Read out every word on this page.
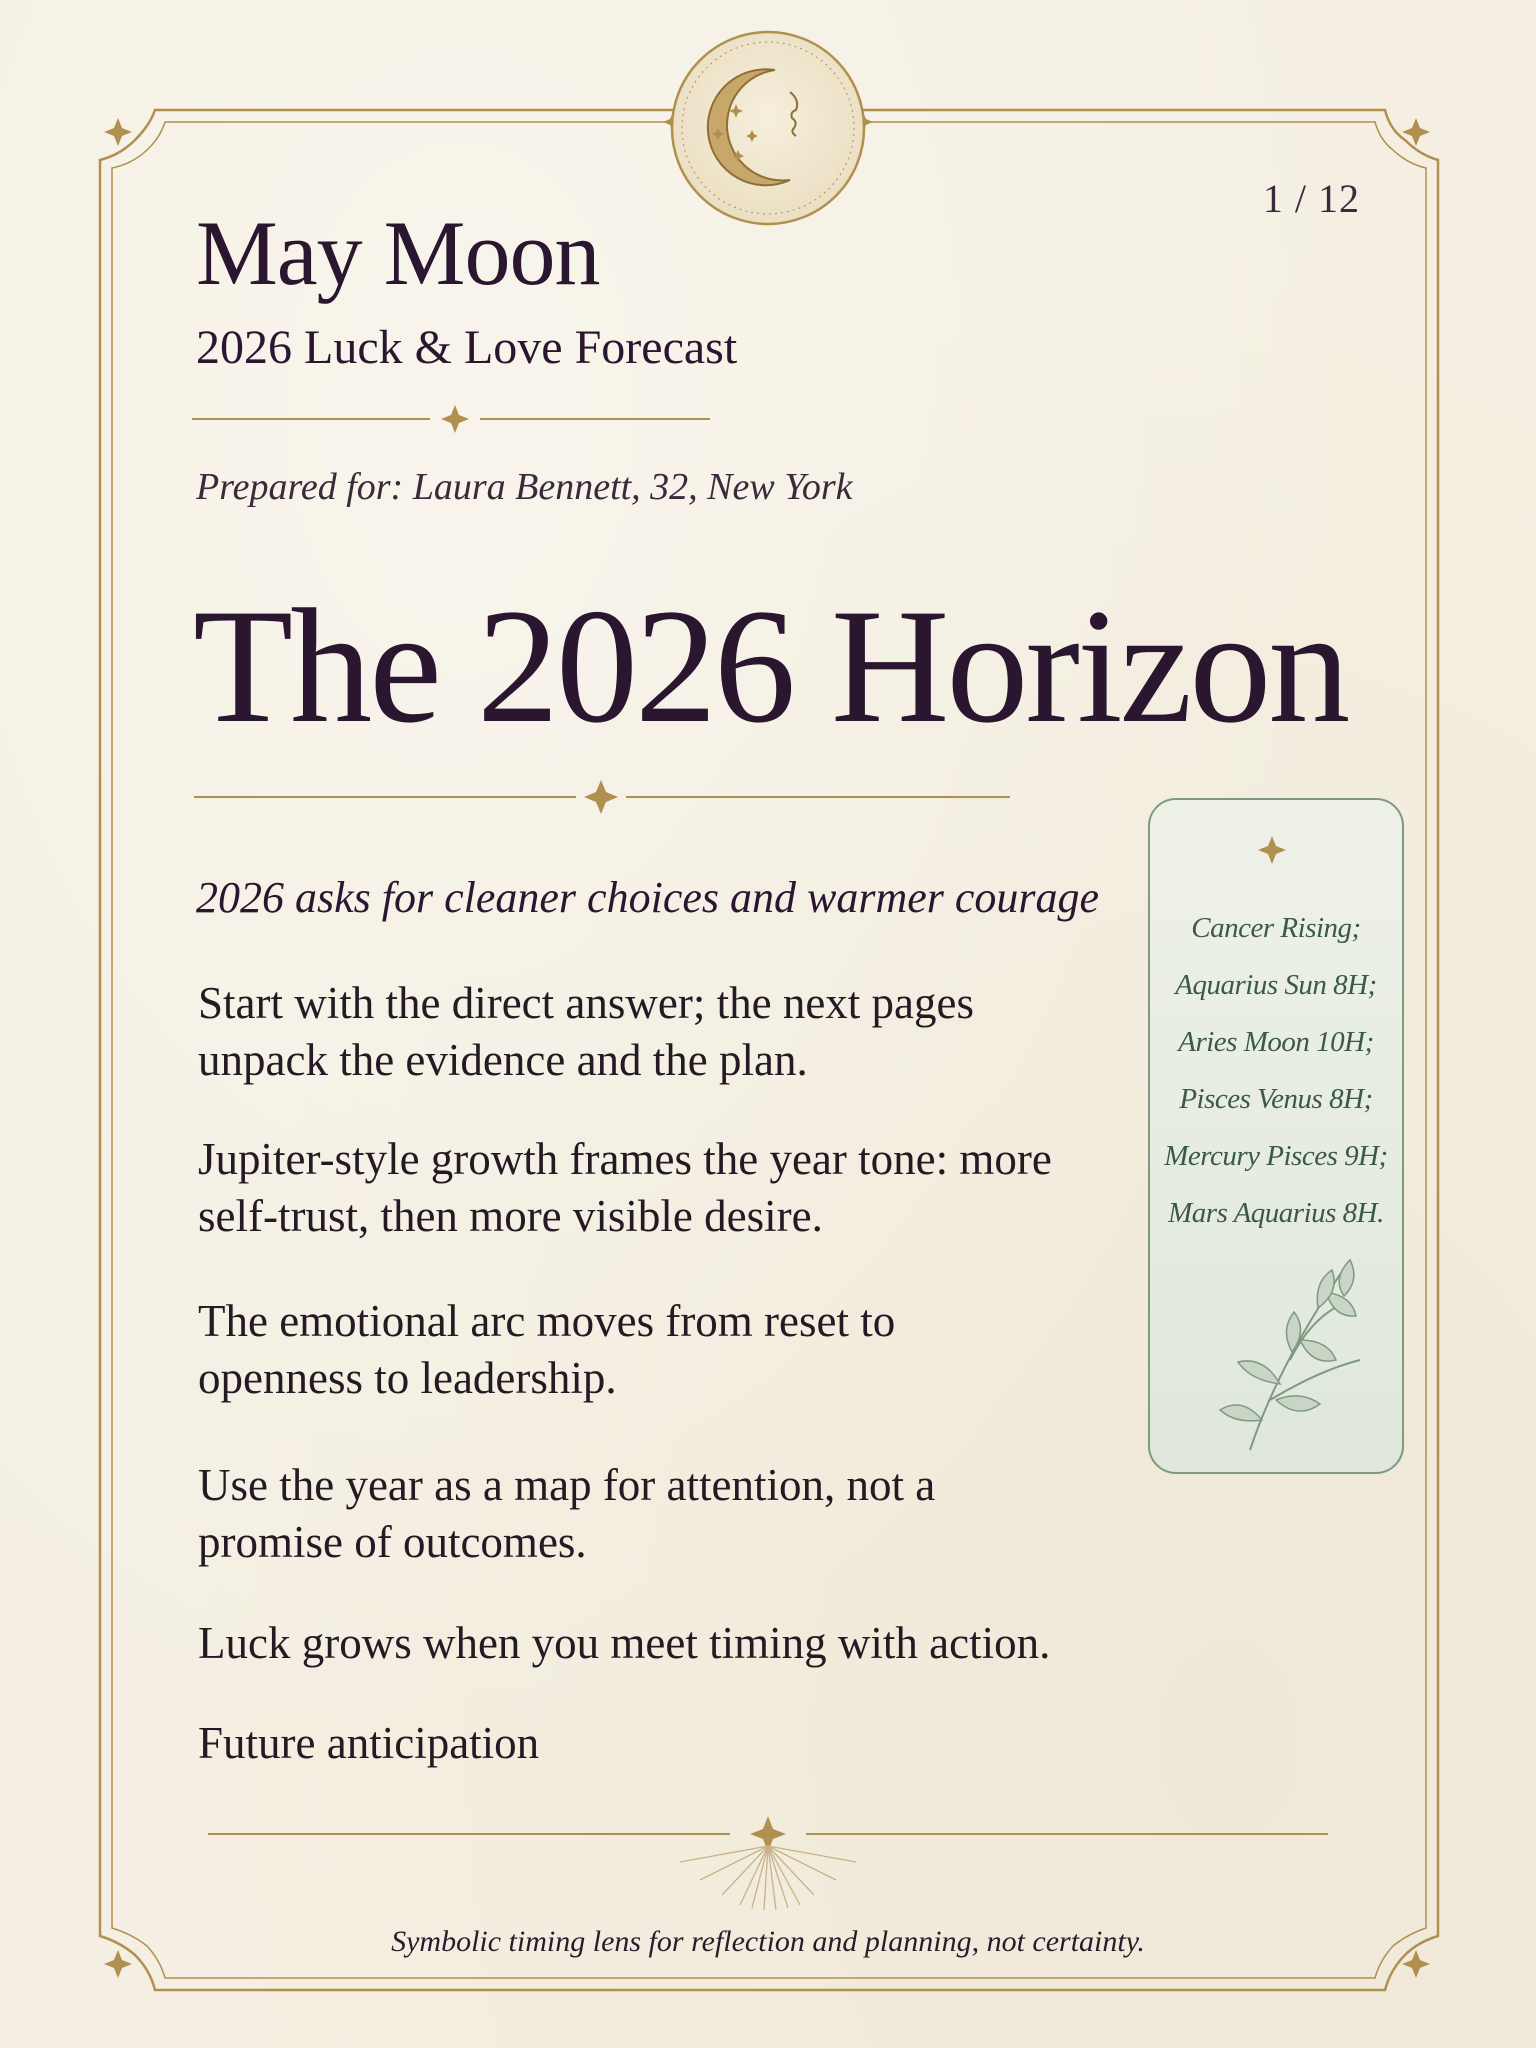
1 / 12
May Moon
2026 Luck & Love Forecast
Prepared for: Laura Bennett, 32, New York
The 2026 Horizon
2026 asks for cleaner choices and warmer courage

Start with the direct answer; the next pages unpack the evidence and the plan.

Jupiter-style growth frames the year tone: more self-trust, then more visible desire.

The emotional arc moves from reset to openness to leadership.

Use the year as a map for attention, not a promise of outcomes.

Luck grows when you meet timing with action.

Future anticipation

Cancer Rising;
Aquarius Sun 8H;
Aries Moon 10H;
Pisces Venus 8H;
Mercury Pisces 9H;
Mars Aquarius 8H.
Symbolic timing lens for reflection and planning, not certainty.
